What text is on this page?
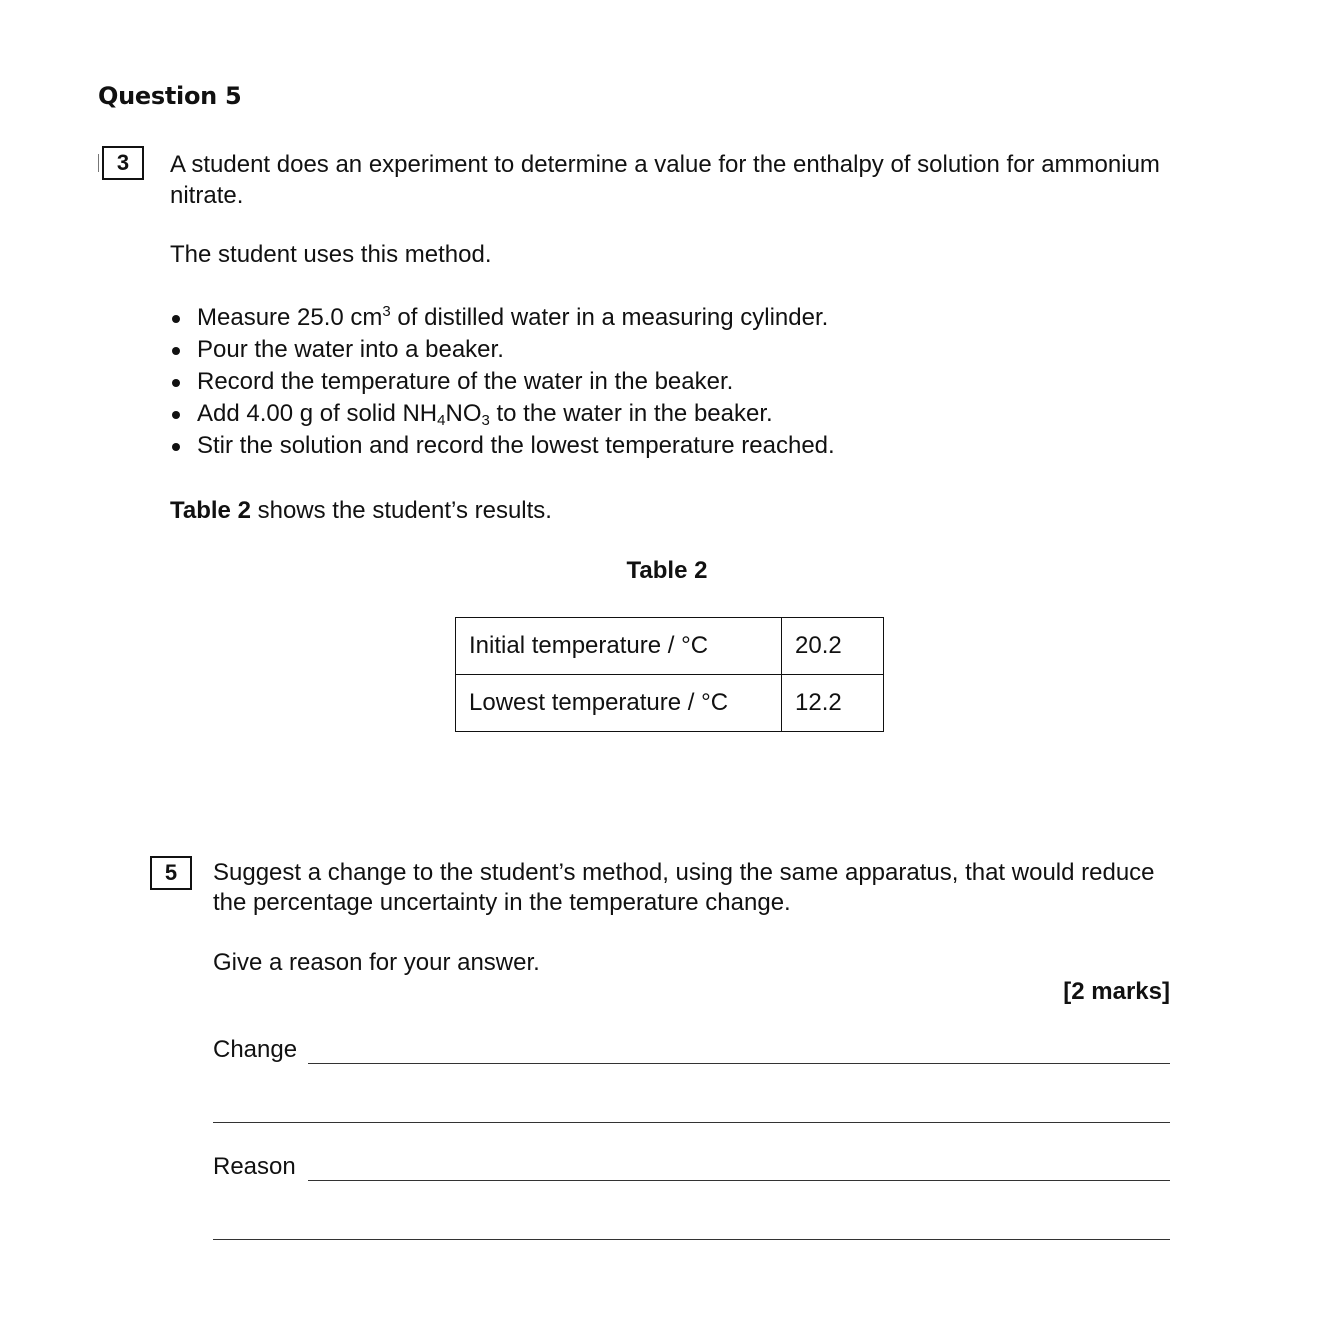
Question 5
3	A student does an experiment to determine a value for the enthalpy of solution for ammonium nitrate.
The student uses this method.
Measure 25.0 $cm^3$ of distilled water in a measuring cylinder.
Pour the water into a beaker.
Record the temperature of the water in the beaker.
Add 4.00 g of solid $NH_4NO_3$ to the water in the beaker.
Stir the solution and record the lowest temperature reached.
Table 2 shows the student’s results.
Table 2
Initial temperature / °C	20.2
Lowest temperature / °C	12.2
5	Suggest a change to the student’s method, using the same apparatus, that would reduce the percentage uncertainty in the temperature change.
Give a reason for your answer.
[2 marks]
Change
Reason
